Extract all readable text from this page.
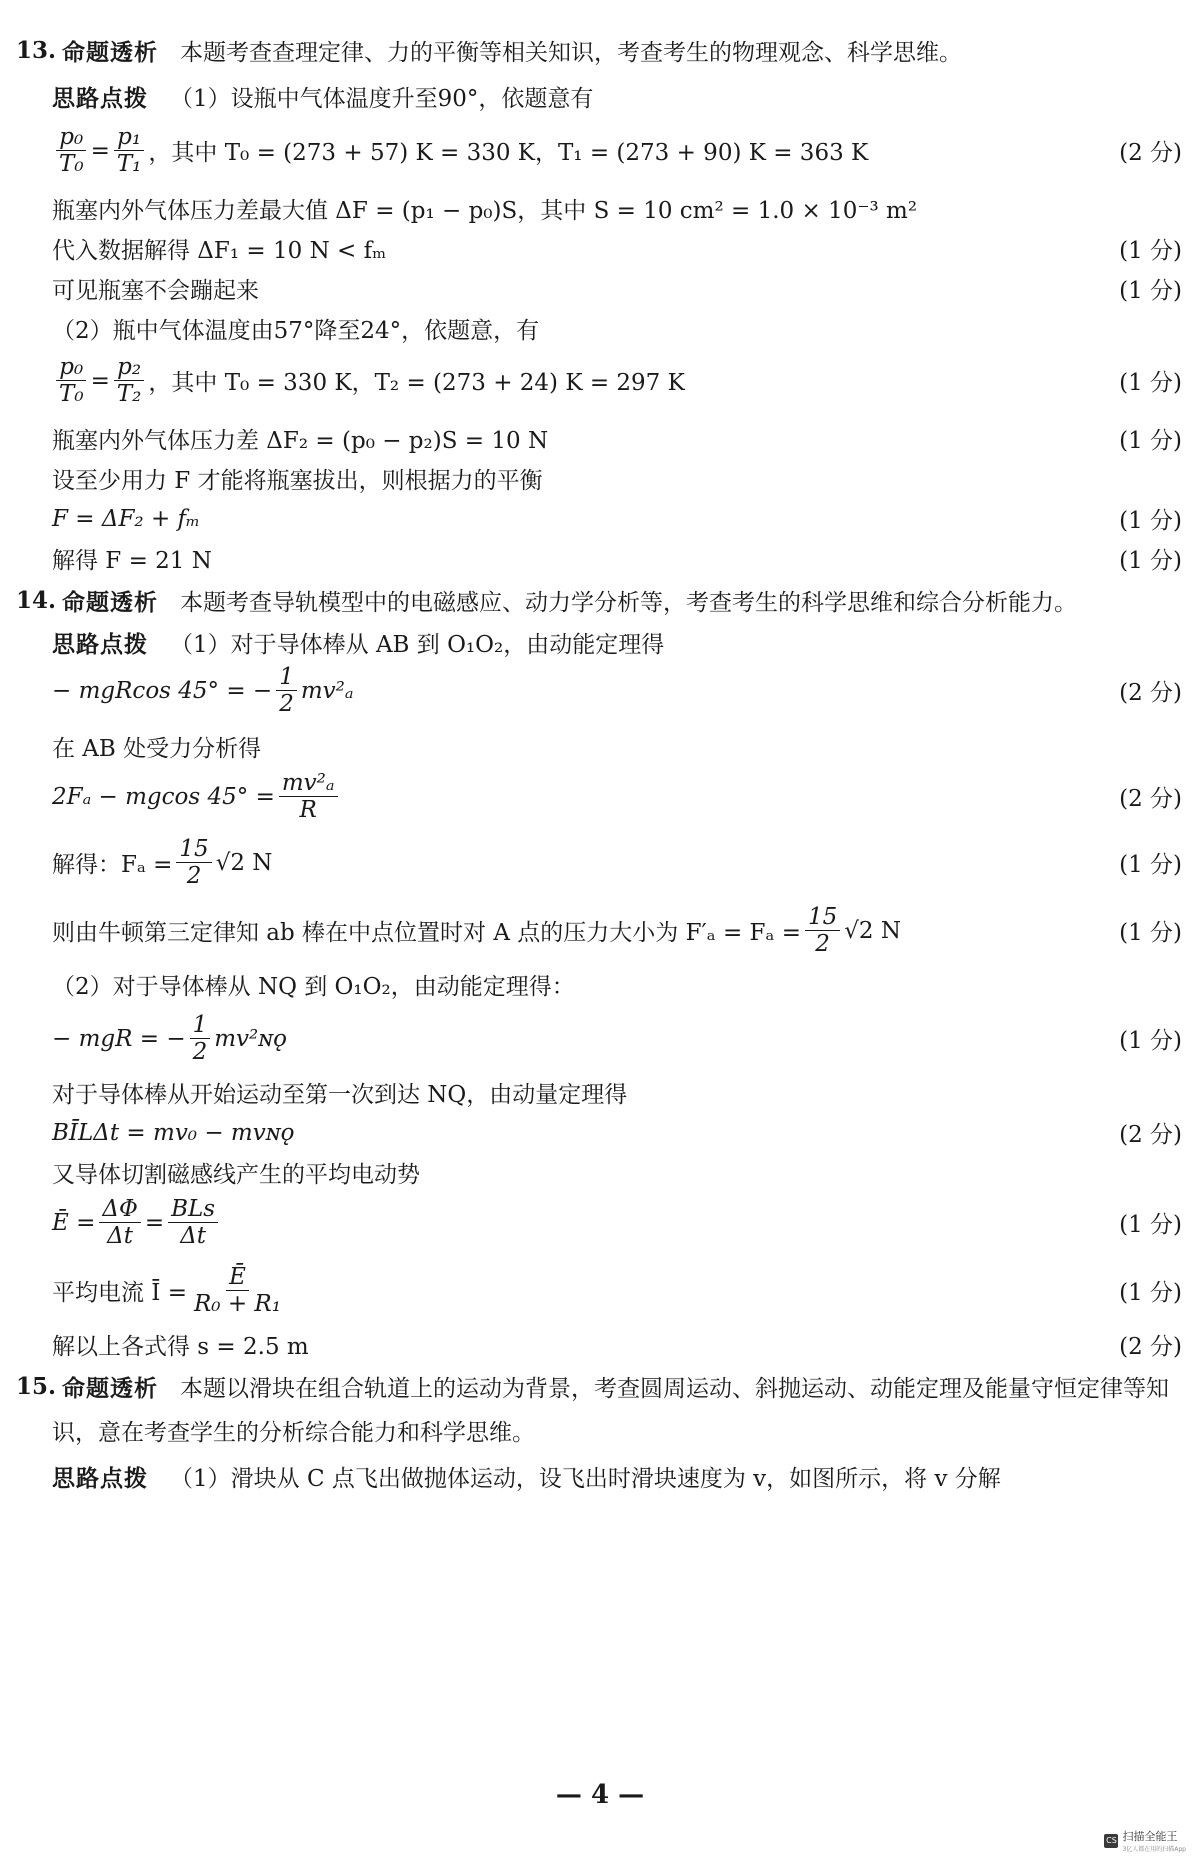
13. 命题透析 本题考查查理定律、力的平衡等相关知识，考查考生的物理观念、科学思维。
思路点拨 （1）设瓶中气体温度升至90°，依题意有
$\frac{\text{p₀}}{\text{T₀}} = \frac{\text{p₁}}{\text{T₁}}$ ，其中 T₀ = (273 + 57) K = 330 K，T₁ = (273 + 90) K = 363 K	(2 分)
瓶塞内外气体压力差最大值 ΔF = (p₁ − p₀)S，其中 S = 10 cm² = 1.0 × 10⁻³ m²
代入数据解得 ΔF₁ = 10 N < fₘ	(1 分)
可见瓶塞不会蹦起来	(1 分)
（2）瓶中气体温度由57°降至24°，依题意，有
$\frac{\text{p₀}}{\text{T₀}} = \frac{\text{p₂}}{\text{T₂}}$ ，其中 T₀ = 330 K，T₂ = (273 + 24) K = 297 K	(1 分)
瓶塞内外气体压力差 ΔF₂ = (p₀ − p₂)S = 10 N	(1 分)
设至少用力 F 才能将瓶塞拔出，则根据力的平衡
F = ΔF₂ + fₘ	(1 分)
解得 F = 21 N	(1 分)
14. 命题透析 本题考查导轨模型中的电磁感应、动力学分析等，考查考生的科学思维和综合分析能力。
思路点拨 （1）对于导体棒从 AB 到 O₁O₂，由动能定理得
− mgRcos 45° = − $\frac{1}{2} mv^2_a$	(2 分)
在 AB 处受力分析得
2Fₐ − mgcos $45^\circ = \frac{\text{mv²ₐ}}{R}$	(2 分)
解得：$F_a = \frac{15}{2} √2$ N	(1 分)
则由牛顿第三定律知 ab 棒在中点位置时对 A 点的压力大小为 $F'_a = F_a = \frac{15}{2} √2$ N	(1 分)
（2）对于导体棒从 NQ 到 O₁O₂，由动能定理得：
− mgR = − $\frac{1}{2}$ mv²ɴǫ	(1 分)
对于导体棒从开始运动至第一次到达 NQ，由动量定理得
BĪLΔt = mv₀ − mvɴǫ	(2 分)
又导体切割磁感线产生的平均电动势
Ē = $\frac{\Delta\Phi}{\Delta t} = \frac{\text{BLs}}{\Delta t}$	(1 分)
平均电流 Ī = $\frac{Ē}{\text{R₀ + R₁}}$	(1 分)
解以上各式得 s = 2.5 m	(2 分)
15. 命题透析 本题以滑块在组合轨道上的运动为背景，考查圆周运动、斜抛运动、动能定理及能量守恒定律等知
识，意在考查学生的分析综合能力和科学思维。
思路点拨 （1）滑块从 C 点飞出做抛体运动，设飞出时滑块速度为 v，如图所示，将 v 分解
— 4 —
CS 扫描全能王
3亿人都在用的扫描App
